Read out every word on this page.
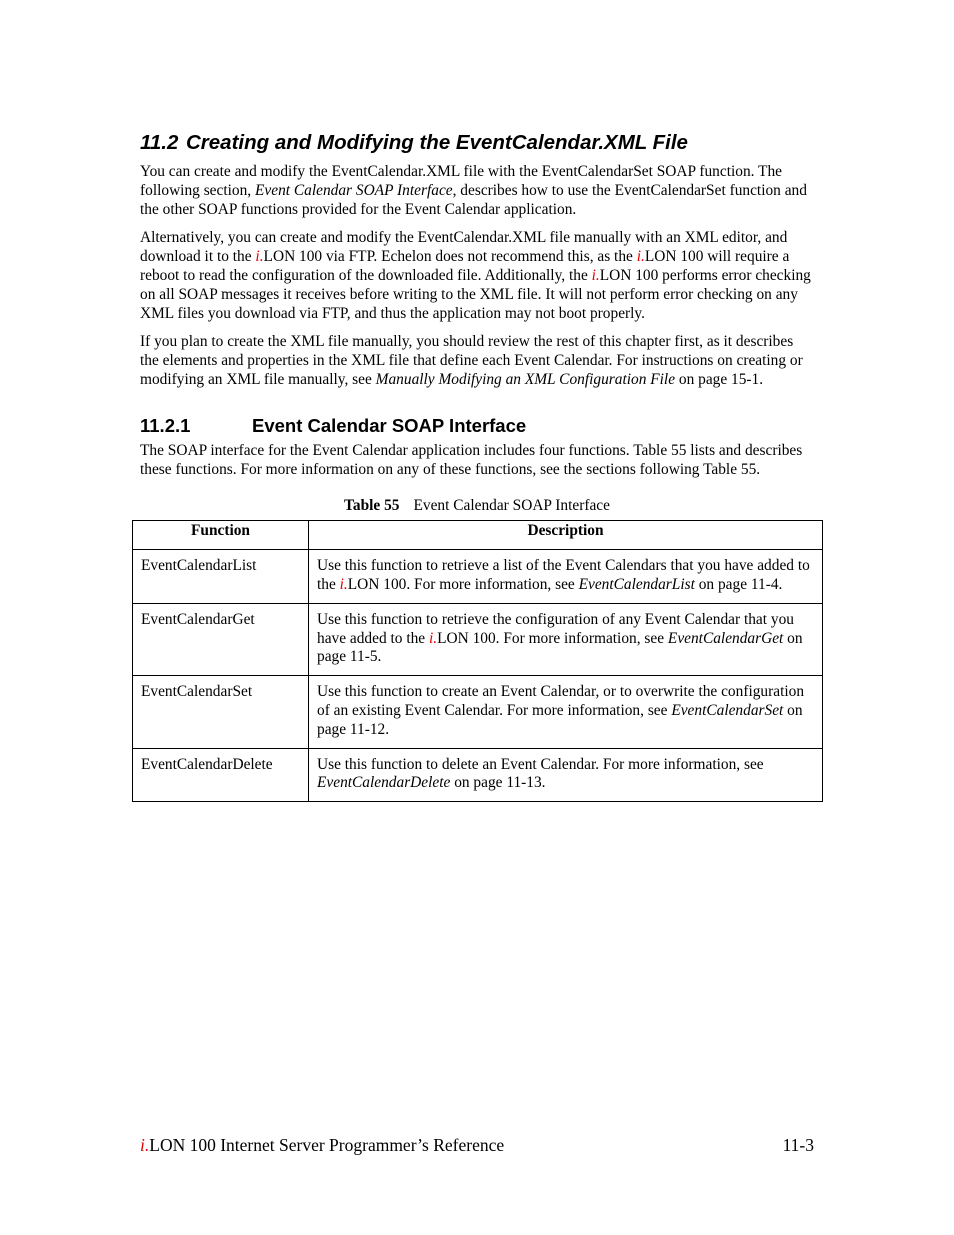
11.2 Creating and Modifying the EventCalendar.XML File

You can create and modify the EventCalendar.XML file with the EventCalendarSet SOAP function. The following section, Event Calendar SOAP Interface, describes how to use the EventCalendarSet function and the other SOAP functions provided for the Event Calendar application.

Alternatively, you can create and modify the EventCalendar.XML file manually with an XML editor, and download it to the i.LON 100 via FTP. Echelon does not recommend this, as the i.LON 100 will require a reboot to read the configuration of the downloaded file. Additionally, the i.LON 100 performs error checking on all SOAP messages it receives before writing to the XML file. It will not perform error checking on any XML files you download via FTP, and thus the application may not boot properly.

If you plan to create the XML file manually, you should review the rest of this chapter first, as it describes the elements and properties in the XML file that define each Event Calendar. For instructions on creating or modifying an XML file manually, see Manually Modifying an XML Configuration File on page 15-1.

11.2.1	Event Calendar SOAP Interface

The SOAP interface for the Event Calendar application includes four functions. Table 55 lists and describes these functions. For more information on any of these functions, see the sections following Table 55.

Table 55 Event Calendar SOAP Interface
Function	Description
EventCalendarList	Use this function to retrieve a list of the Event Calendars that you have added to the i.LON 100. For more information, see EventCalendarList on page 11-4.
EventCalendarGet	Use this function to retrieve the configuration of any Event Calendar that you have added to the i.LON 100. For more information, see EventCalendarGet on page 11-5.
EventCalendarSet	Use this function to create an Event Calendar, or to overwrite the configuration of an existing Event Calendar. For more information, see EventCalendarSet on page 11-12.
EventCalendarDelete	Use this function to delete an Event Calendar. For more information, see EventCalendarDelete on page 11-13.
i.LON 100 Internet Server Programmer’s Reference	11-3
